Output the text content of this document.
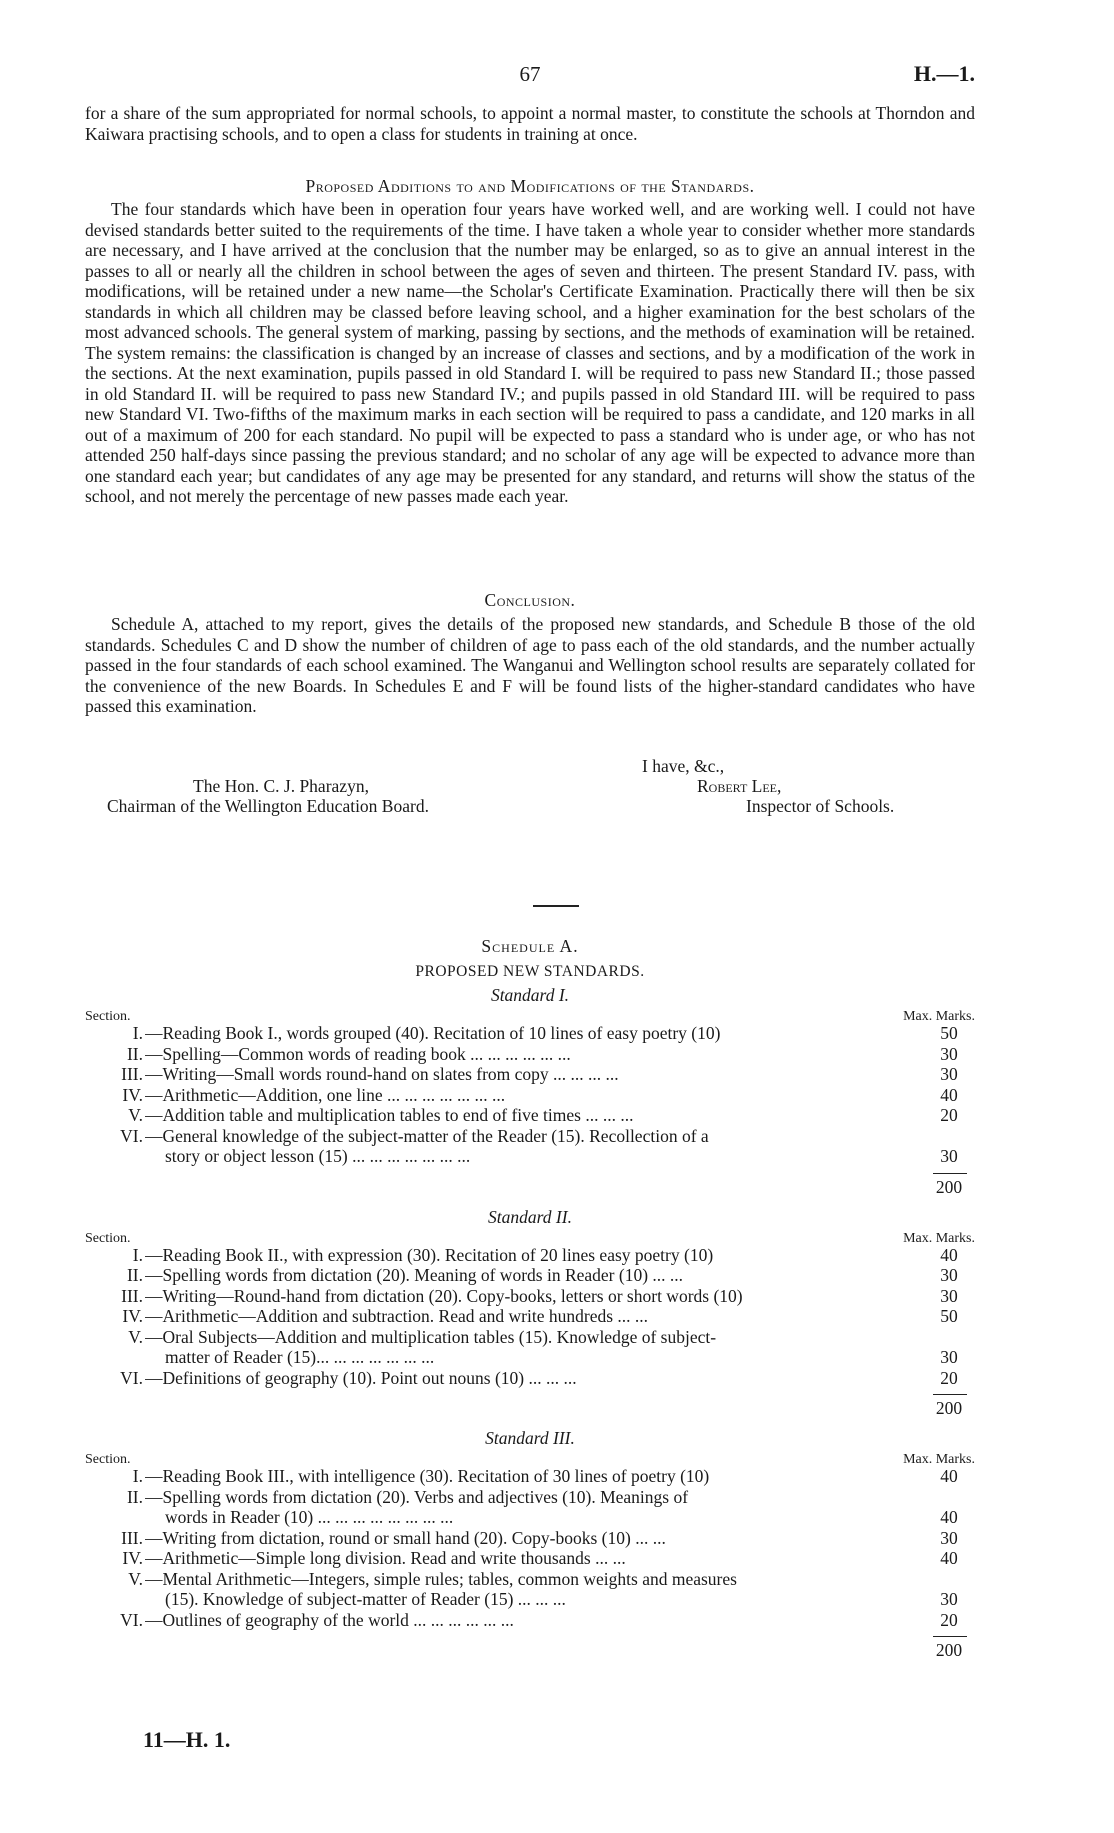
67	H.—1.

for a share of the sum appropriated for normal schools, to appoint a normal master, to constitute the schools at Thorndon and Kaiwara practising schools, and to open a class for students in training at once.

Proposed Additions to and Modifications of the Standards.

The four standards which have been in operation four years have worked well, and are working well. I could not have devised standards better suited to the requirements of the time. I have taken a whole year to consider whether more standards are necessary, and I have arrived at the conclusion that the number may be enlarged, so as to give an annual interest in the passes to all or nearly all the children in school between the ages of seven and thirteen. The present Standard IV. pass, with modifications, will be retained under a new name—the Scholar's Certificate Examination. Practically there will then be six standards in which all children may be classed before leaving school, and a higher examination for the best scholars of the most advanced schools. The general system of marking, passing by sections, and the methods of examination will be retained. The system remains: the classification is changed by an increase of classes and sections, and by a modification of the work in the sections. At the next examination, pupils passed in old Standard I. will be required to pass new Standard II.; those passed in old Standard II. will be required to pass new Standard IV.; and pupils passed in old Standard III. will be required to pass new Standard VI. Two-fifths of the maximum marks in each section will be required to pass a candidate, and 120 marks in all out of a maximum of 200 for each standard. No pupil will be expected to pass a standard who is under age, or who has not attended 250 half-days since passing the previous standard; and no scholar of any age will be expected to advance more than one standard each year; but candidates of any age may be presented for any standard, and returns will show the status of the school, and not merely the percentage of new passes made each year.

Conclusion.

Schedule A, attached to my report, gives the details of the proposed new standards, and Schedule B those of the old standards. Schedules C and D show the number of children of age to pass each of the old standards, and the number actually passed in the four standards of each school examined. The Wanganui and Wellington school results are separately collated for the convenience of the new Boards. In Schedules E and F will be found lists of the higher-standard candidates who have passed this examination.

I have, &c.,
The Hon. C. J. Pharazyn,
Chairman of the Wellington Education Board.
Robert Lee,
Inspector of Schools.
Schedule A.
PROPOSED NEW STANDARDS.
Standard I.
Section.	Max. Marks.
I. —Reading Book I., words grouped (40). Recitation of 10 lines of easy poetry (10)	50
II. —Spelling—Common words of reading book ... ... ... ... ... ...	30
III. —Writing—Small words round-hand on slates from copy ... ... ... ...	30
IV. —Arithmetic—Addition, one line ... ... ... ... ... ... ...	40
V. —Addition table and multiplication tables to end of five times ... ... ...	20
VI. —General knowledge of the subject-matter of the Reader (15). Recollection of a
story or object lesson (15) ... ... ... ... ... ... ...	30
200
Standard II.
Section.	Max. Marks.
I. —Reading Book II., with expression (30). Recitation of 20 lines easy poetry (10)	40
II. —Spelling words from dictation (20). Meaning of words in Reader (10) ... ...	30
III. —Writing—Round-hand from dictation (20). Copy-books, letters or short words (10)	30
IV. —Arithmetic—Addition and subtraction. Read and write hundreds ... ...	50
V. —Oral Subjects—Addition and multiplication tables (15). Knowledge of subject-
matter of Reader (15)... ... ... ... ... ... ...	30
VI. —Definitions of geography (10). Point out nouns (10) ... ... ...	20
200
Standard III.
Section.	Max. Marks.
I. —Reading Book III., with intelligence (30). Recitation of 30 lines of poetry (10)	40
II. —Spelling words from dictation (20). Verbs and adjectives (10). Meanings of
words in Reader (10) ... ... ... ... ... ... ... ...	40
III. —Writing from dictation, round or small hand (20). Copy-books (10) ... ...	30
IV. —Arithmetic—Simple long division. Read and write thousands ... ...	40
V. —Mental Arithmetic—Integers, simple rules; tables, common weights and measures
(15). Knowledge of subject-matter of Reader (15) ... ... ...	30
VI. —Outlines of geography of the world ... ... ... ... ... ...	20
200
11—H. 1.
